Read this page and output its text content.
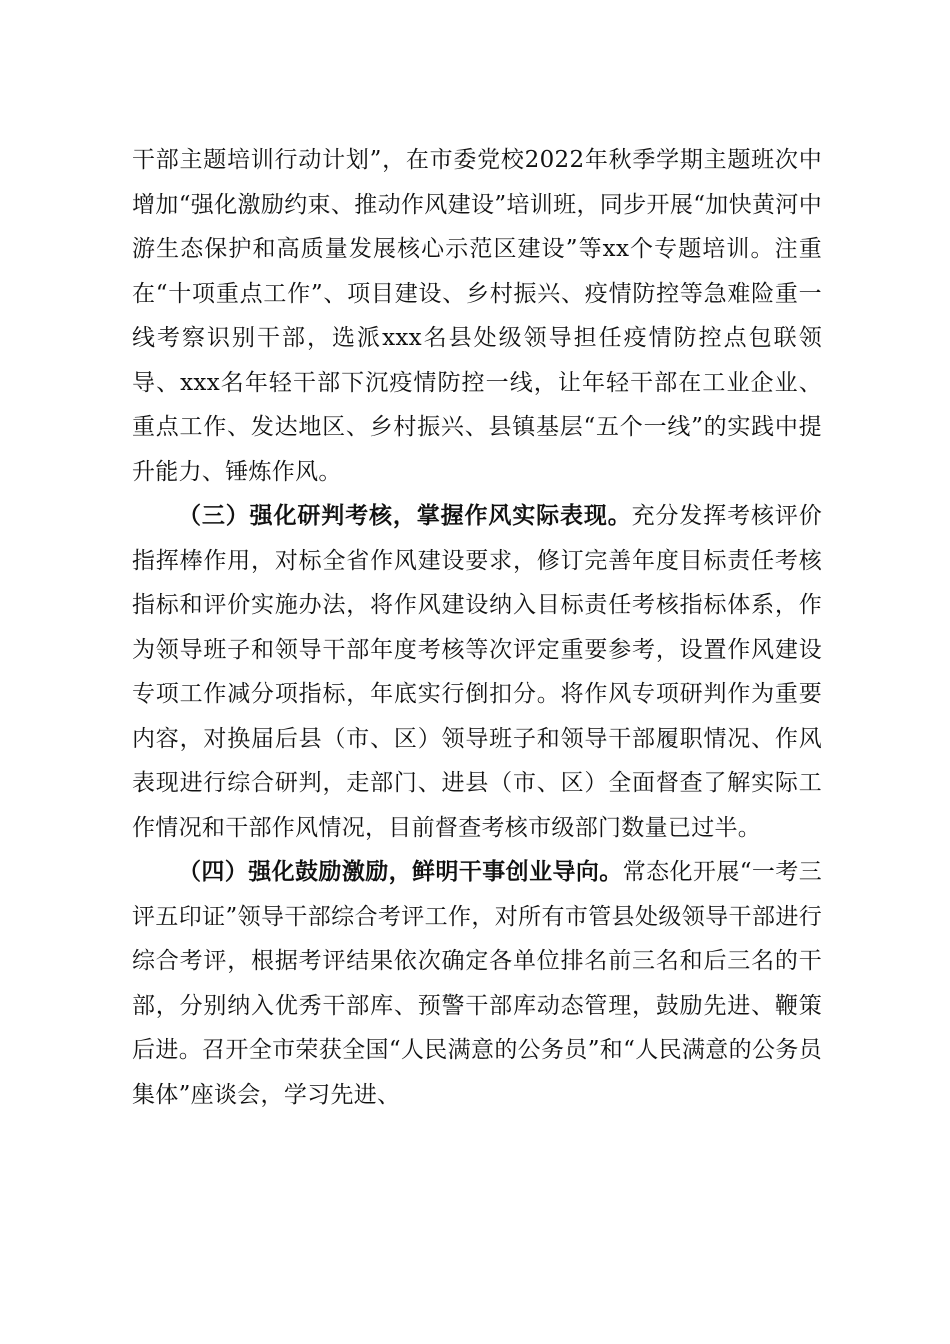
干部主题培训行动计划”，在市委党校2022年秋季学期主题班次中增加“强化激励约束、推动作风建设”培训班，同步开展“加快黄河中游生态保护和高质量发展核心示范区建设”等xx个专题培训。注重在“十项重点工作”、项目建设、乡村振兴、疫情防控等急难险重一线考察识别干部，选派xxx名县处级领导担任疫情防控点包联领导、xxx名年轻干部下沉疫情防控一线，让年轻干部在工业企业、重点工作、发达地区、乡村振兴、县镇基层“五个一线”的实践中提升能力、锤炼作风。

（三）强化研判考核，掌握作风实际表现。充分发挥考核评价指挥棒作用，对标全省作风建设要求，修订完善年度目标责任考核指标和评价实施办法，将作风建设纳入目标责任考核指标体系，作为领导班子和领导干部年度考核等次评定重要参考，设置作风建设专项工作减分项指标，年底实行倒扣分。将作风专项研判作为重要内容，对换届后县（市、区）领导班子和领导干部履职情况、作风表现进行综合研判，走部门、进县（市、区）全面督查了解实际工作情况和干部作风情况，目前督查考核市级部门数量已过半。

（四）强化鼓励激励，鲜明干事创业导向。常态化开展“一考三评五印证”领导干部综合考评工作，对所有市管县处级领导干部进行综合考评，根据考评结果依次确定各单位排名前三名和后三名的干部，分别纳入优秀干部库、预警干部库动态管理，鼓励先进、鞭策后进。召开全市荣获全国“人民满意的公务员”和“人民满意的公务员集体”座谈会，学习先进、
